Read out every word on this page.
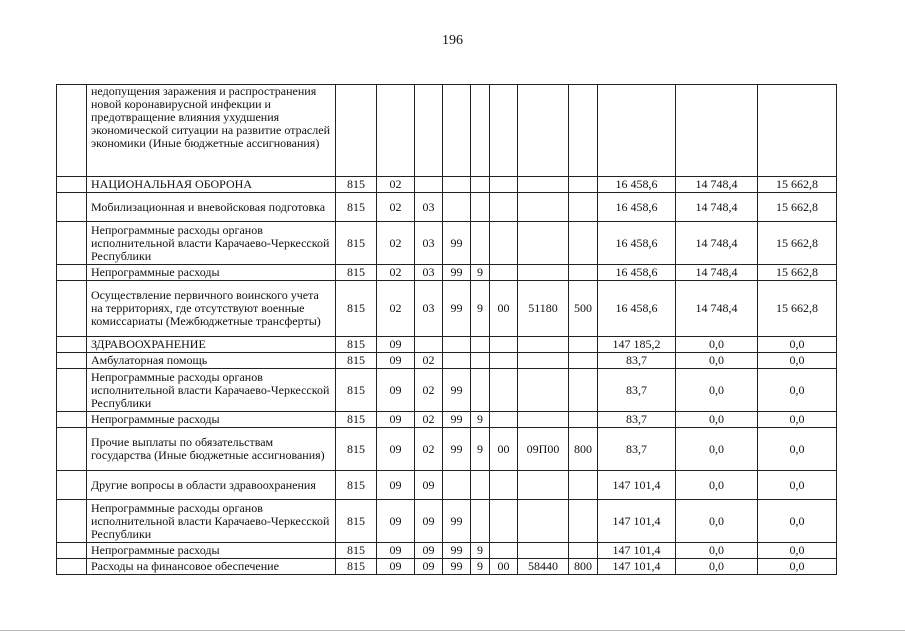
196
	недопущения заражения и распространения новой коронавирусной инфекции и предотвращение влияния ухудшения экономической ситуации на развитие отраслей экономики (Иные бюджетные ассигнования)											
	НАЦИОНАЛЬНАЯ ОБОРОНА	815	02							16 458,6	14 748,4	15 662,8
	Мобилизационная и вневойсковая подготовка	815	02	03						16 458,6	14 748,4	15 662,8
	Непрограммные расходы органов исполнительной власти Карачаево-Черкесской Республики	815	02	03	99					16 458,6	14 748,4	15 662,8
	Непрограммные расходы	815	02	03	99	9				16 458,6	14 748,4	15 662,8
	Осуществление первичного воинского учета на территориях, где отсутствуют военные комиссариаты (Межбюджетные трансферты)	815	02	03	99	9	00	51180	500	16 458,6	14 748,4	15 662,8
	ЗДРАВООХРАНЕНИЕ	815	09							147 185,2	0,0	0,0
	Амбулаторная помощь	815	09	02						83,7	0,0	0,0
	Непрограммные расходы органов исполнительной власти Карачаево-Черкесской Республики	815	09	02	99					83,7	0,0	0,0
	Непрограммные расходы	815	09	02	99	9				83,7	0,0	0,0
	Прочие выплаты по обязательствам государства (Иные бюджетные ассигнования)	815	09	02	99	9	00	09П00	800	83,7	0,0	0,0
	Другие вопросы в области здравоохранения	815	09	09						147 101,4	0,0	0,0
	Непрограммные расходы органов исполнительной власти Карачаево-Черкесской Республики	815	09	09	99					147 101,4	0,0	0,0
	Непрограммные расходы	815	09	09	99	9				147 101,4	0,0	0,0
	Расходы на финансовое обеспечение	815	09	09	99	9	00	58440	800	147 101,4	0,0	0,0
